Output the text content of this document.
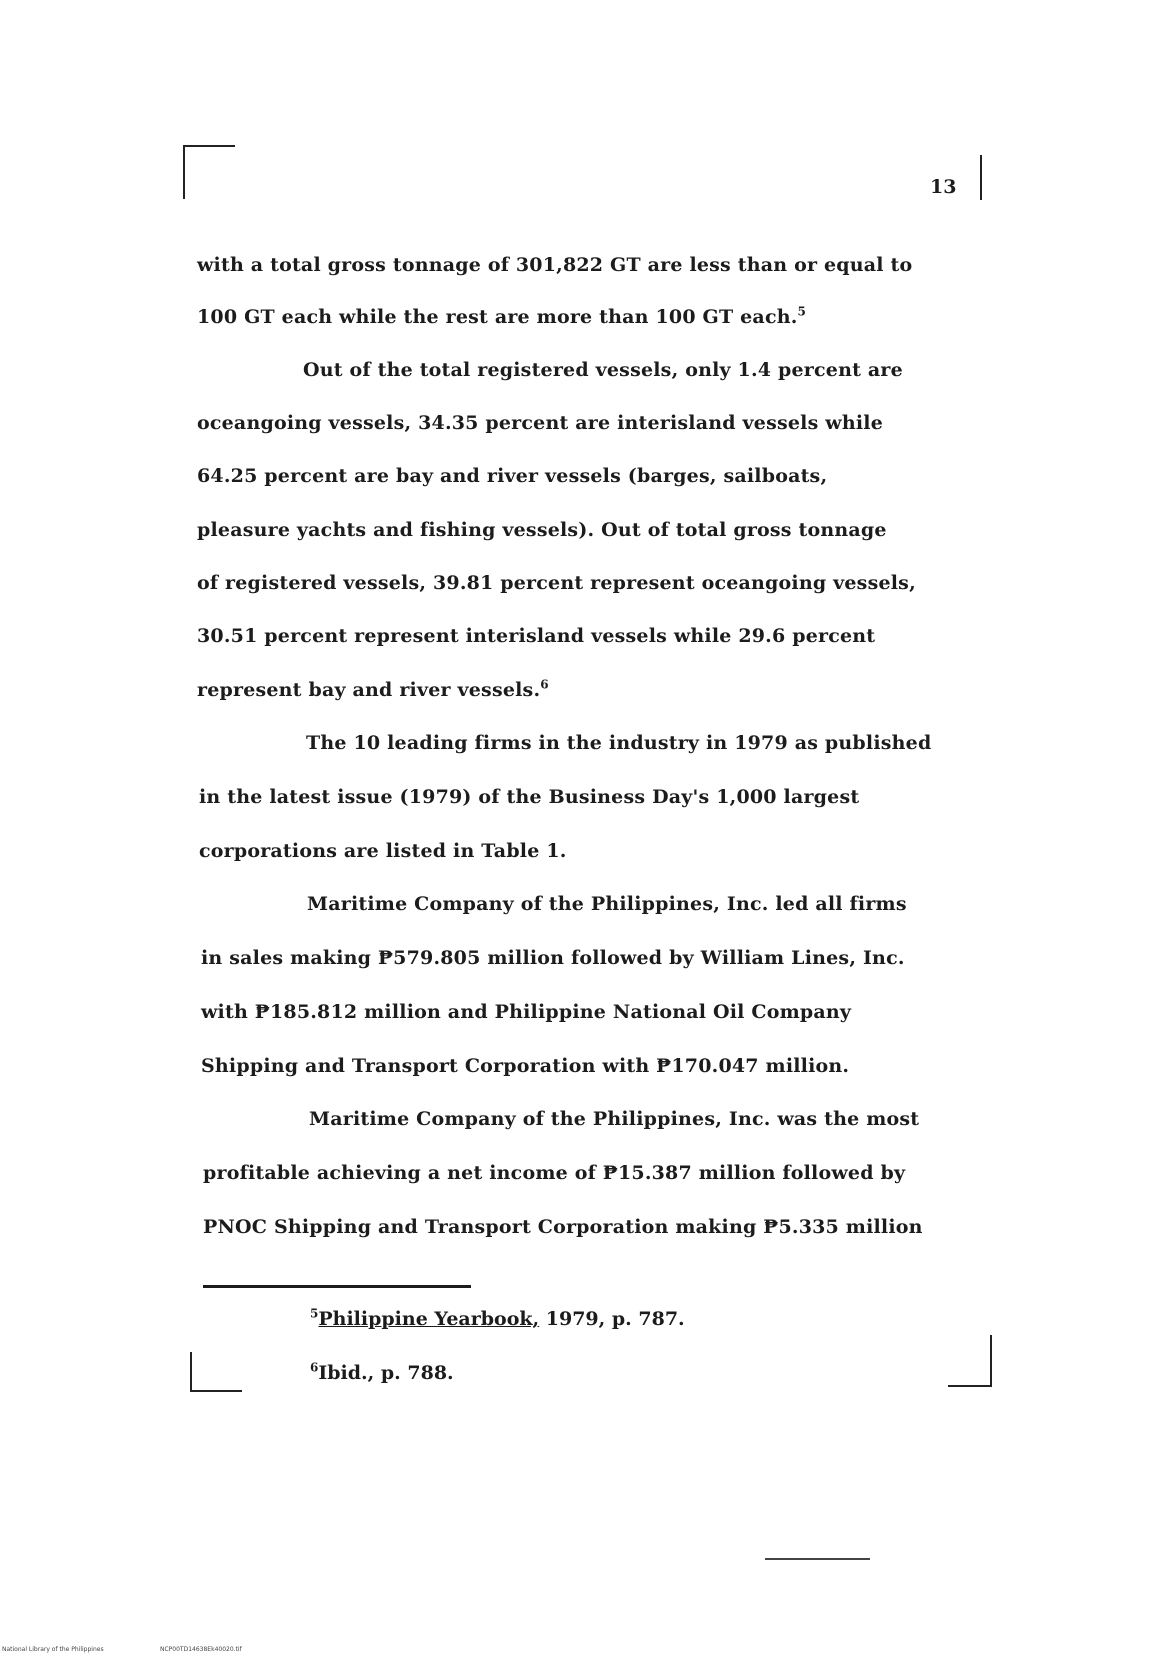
13
with a total gross tonnage of 301,822 GT are less than or equal to
100 GT each while the rest are more than 100 GT each.$^5$
Out of the total registered vessels, only 1.4 percent are
oceangoing vessels, 34.35 percent are interisland vessels while
64.25 percent are bay and river vessels (barges, sailboats,
pleasure yachts and fishing vessels). Out of total gross tonnage
of registered vessels, 39.81 percent represent oceangoing vessels,
30.51 percent represent interisland vessels while 29.6 percent
represent bay and river vessels.$^6$
The 10 leading firms in the industry in 1979 as published
in the latest issue (1979) of the Business Day's 1,000 largest
corporations are listed in Table 1.
Maritime Company of the Philippines, Inc. led all firms
in sales making ₱579.805 million followed by William Lines, Inc.
with ₱185.812 million and Philippine National Oil Company
Shipping and Transport Corporation with ₱170.047 million.
Maritime Company of the Philippines, Inc. was the most
profitable achieving a net income of ₱15.387 million followed by
PNOC Shipping and Transport Corporation making ₱5.335 million
$^5$Philippine Yearbook, 1979, p. 787.
$^6$Ibid., p. 788.
National Library of the Philippines	NCP00TD14638Ek40020.tif
